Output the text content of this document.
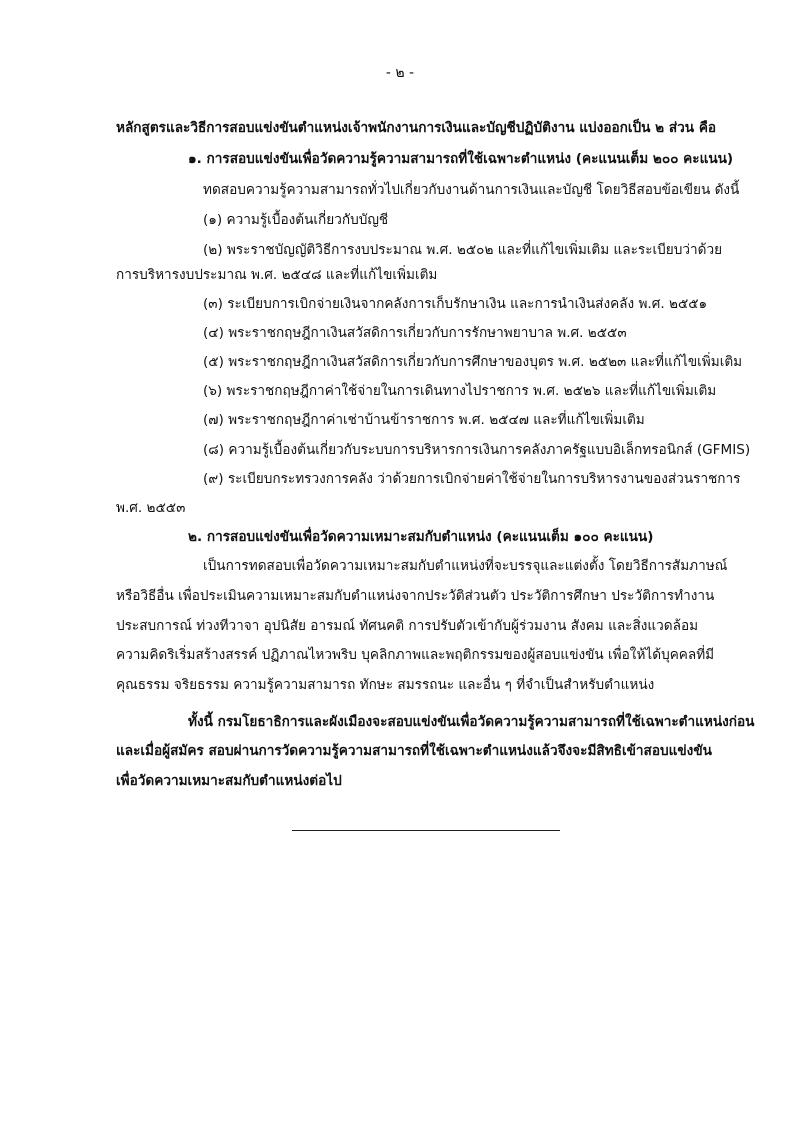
- ๒ -
หลักสูตรและวิธีการสอบแข่งขันตำแหน่งเจ้าพนักงานการเงินและบัญชีปฏิบัติงาน แบ่งออกเป็น ๒ ส่วน คือ
๑. การสอบแข่งขันเพื่อวัดความรู้ความสามารถที่ใช้เฉพาะตำแหน่ง (คะแนนเต็ม ๒๐๐ คะแนน)
ทดสอบความรู้ความสามารถทั่วไปเกี่ยวกับงานด้านการเงินและบัญชี โดยวิธีสอบข้อเขียน ดังนี้
(๑) ความรู้เบื้องต้นเกี่ยวกับบัญชี
(๒) พระราชบัญญัติวิธีการงบประมาณ พ.ศ. ๒๕๐๒ และที่แก้ไขเพิ่มเติม และระเบียบว่าด้วย
การบริหารงบประมาณ พ.ศ. ๒๕๔๘ และที่แก้ไขเพิ่มเติม
(๓) ระเบียบการเบิกจ่ายเงินจากคลังการเก็บรักษาเงิน และการนำเงินส่งคลัง พ.ศ. ๒๕๕๑
(๔) พระราชกฤษฎีกาเงินสวัสดิการเกี่ยวกับการรักษาพยาบาล พ.ศ. ๒๕๕๓
(๕) พระราชกฤษฎีกาเงินสวัสดิการเกี่ยวกับการศึกษาของบุตร พ.ศ. ๒๕๒๓ และที่แก้ไขเพิ่มเติม
(๖) พระราชกฤษฎีกาค่าใช้จ่ายในการเดินทางไปราชการ พ.ศ. ๒๕๒๖ และที่แก้ไขเพิ่มเติม
(๗) พระราชกฤษฎีกาค่าเช่าบ้านข้าราชการ พ.ศ. ๒๕๔๗ และที่แก้ไขเพิ่มเติม
(๘) ความรู้เบื้องต้นเกี่ยวกับระบบการบริหารการเงินการคลังภาครัฐแบบอิเล็กทรอนิกส์ (GFMIS)
(๙) ระเบียบกระทรวงการคลัง ว่าด้วยการเบิกจ่ายค่าใช้จ่ายในการบริหารงานของส่วนราชการ
พ.ศ. ๒๕๕๓
๒. การสอบแข่งขันเพื่อวัดความเหมาะสมกับตำแหน่ง (คะแนนเต็ม ๑๐๐ คะแนน)
เป็นการทดสอบเพื่อวัดความเหมาะสมกับตำแหน่งที่จะบรรจุและแต่งตั้ง โดยวิธีการสัมภาษณ์
หรือวิธีอื่น เพื่อประเมินความเหมาะสมกับตำแหน่งจากประวัติส่วนตัว ประวัติการศึกษา ประวัติการทำงาน
ประสบการณ์ ท่วงทีวาจา อุปนิสัย อารมณ์ ทัศนคติ การปรับตัวเข้ากับผู้ร่วมงาน สังคม และสิ่งแวดล้อม
ความคิดริเริ่มสร้างสรรค์ ปฏิภาณไหวพริบ บุคลิกภาพและพฤติกรรมของผู้สอบแข่งขัน เพื่อให้ได้บุคคลที่มี
คุณธรรม จริยธรรม ความรู้ความสามารถ ทักษะ สมรรถนะ และอื่น ๆ ที่จำเป็นสำหรับตำแหน่ง
ทั้งนี้ กรมโยธาธิการและผังเมืองจะสอบแข่งขันเพื่อวัดความรู้ความสามารถที่ใช้เฉพาะตำแหน่งก่อน
และเมื่อผู้สมัคร สอบผ่านการวัดความรู้ความสามารถที่ใช้เฉพาะตำแหน่งแล้วจึงจะมีสิทธิเข้าสอบแข่งขัน
เพื่อวัดความเหมาะสมกับตำแหน่งต่อไป
